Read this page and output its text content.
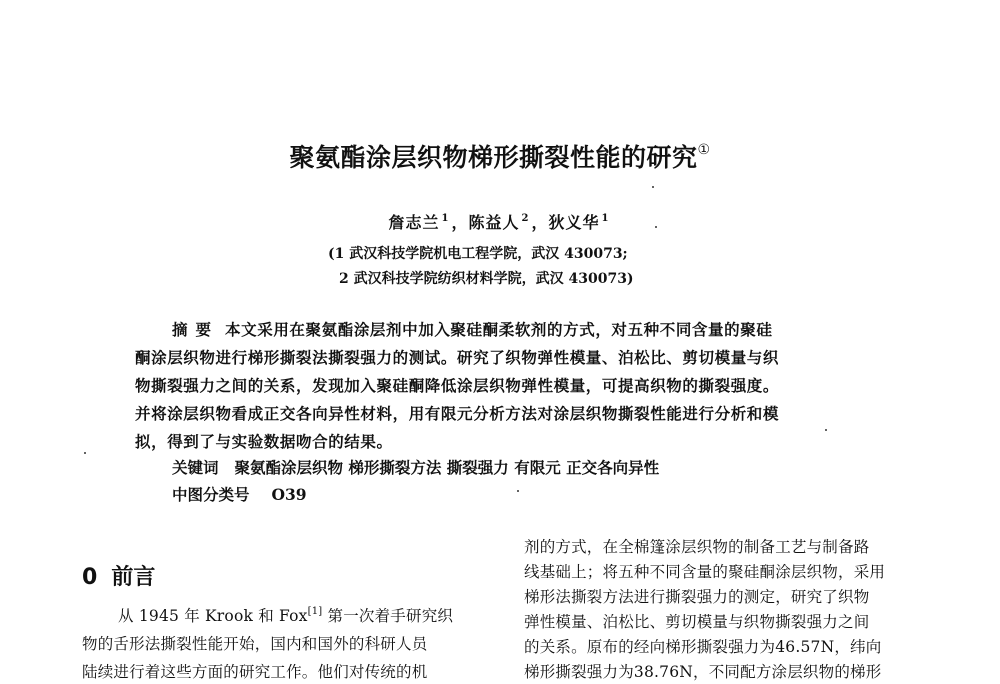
聚氨酯涂层织物梯形撕裂性能的研究①
詹志兰 $^1$ ，陈益人 $^2$ ，狄义华 $^1$
(1 武汉科技学院机电工程学院，武汉 430073;
2 武汉科技学院纺织材料学院，武汉 430073)
摘要 本文采用在聚氨酯涂层剂中加入聚硅酮柔软剂的方式，对五种不同含量的聚硅
酮涂层织物进行梯形撕裂法撕裂强力的测试。研究了织物弹性模量、泊松比、剪切模量与织
物撕裂强力之间的关系，发现加入聚硅酮降低涂层织物弹性模量，可提高织物的撕裂强度。
并将涂层织物看成正交各向异性材料，用有限元分析方法对涂层织物撕裂性能进行分析和模
拟，得到了与实验数据吻合的结果。
关键词 聚氨酯涂层织物 梯形撕裂方法 撕裂强力 有限元 正交各向异性
中图分类号 O39
0 前言
从 1945 年 Krook 和 Fox[1] 第一次着手研究织
物的舌形法撕裂性能开始，国内和国外的科研人员
陆续进行着这些方面的研究工作。他们对传统的机
剂的方式，在全棉篷涂层织物的制备工艺与制备路
线基础上；将五种不同含量的聚硅酮涂层织物，采用
梯形法撕裂方法进行撕裂强力的测定，研究了织物
弹性模量、泊松比、剪切模量与织物撕裂强力之间
的关系。原布的经向梯形撕裂强力为46.57N，纬向
梯形撕裂强力为38.76N，不同配方涂层织物的梯形
